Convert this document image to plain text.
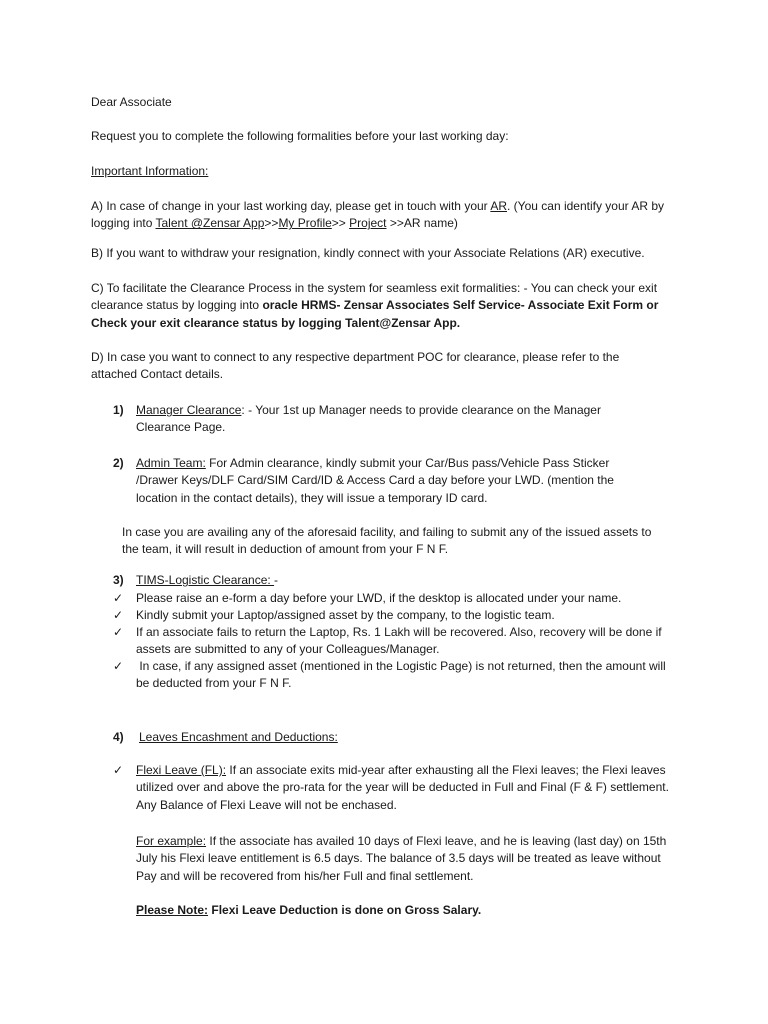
Dear Associate
Request you to complete the following formalities before your last working day:
Important Information:
A) In case of change in your last working day, please get in touch with your AR. (You can identify your AR by logging into Talent @Zensar App>>My Profile>> Project >>AR name)
B) If you want to withdraw your resignation, kindly connect with your Associate Relations (AR) executive.
C) To facilitate the Clearance Process in the system for seamless exit formalities: - You can check your exit clearance status by logging into oracle HRMS- Zensar Associates Self Service- Associate Exit Form or Check your exit clearance status by logging Talent@Zensar App.
D) In case you want to connect to any respective department POC for clearance, please refer to the attached Contact details.
1) Manager Clearance: - Your 1st up Manager needs to provide clearance on the Manager Clearance Page.
2) Admin Team: For Admin clearance, kindly submit your Car/Bus pass/Vehicle Pass Sticker /Drawer Keys/DLF Card/SIM Card/ID & Access Card a day before your LWD. (mention the location in the contact details), they will issue a temporary ID card.
In case you are availing any of the aforesaid facility, and failing to submit any of the issued assets to the team, it will result in deduction of amount from your F N F.
3) TIMS-Logistic Clearance: -
✓ Please raise an e-form a day before your LWD, if the desktop is allocated under your name.
✓ Kindly submit your Laptop/assigned asset by the company, to the logistic team.
✓ If an associate fails to return the Laptop, Rs. 1 Lakh will be recovered. Also, recovery will be done if assets are submitted to any of your Colleagues/Manager.
✓ In case, if any assigned asset (mentioned in the Logistic Page) is not returned, then the amount will be deducted from your F N F.
4) Leaves Encashment and Deductions:
✓ Flexi Leave (FL): If an associate exits mid-year after exhausting all the Flexi leaves; the Flexi leaves utilized over and above the pro-rata for the year will be deducted in Full and Final (F & F) settlement. Any Balance of Flexi Leave will not be enchased.
For example: If the associate has availed 10 days of Flexi leave, and he is leaving (last day) on 15th July his Flexi leave entitlement is 6.5 days. The balance of 3.5 days will be treated as leave without Pay and will be recovered from his/her Full and final settlement.
Please Note: Flexi Leave Deduction is done on Gross Salary.
